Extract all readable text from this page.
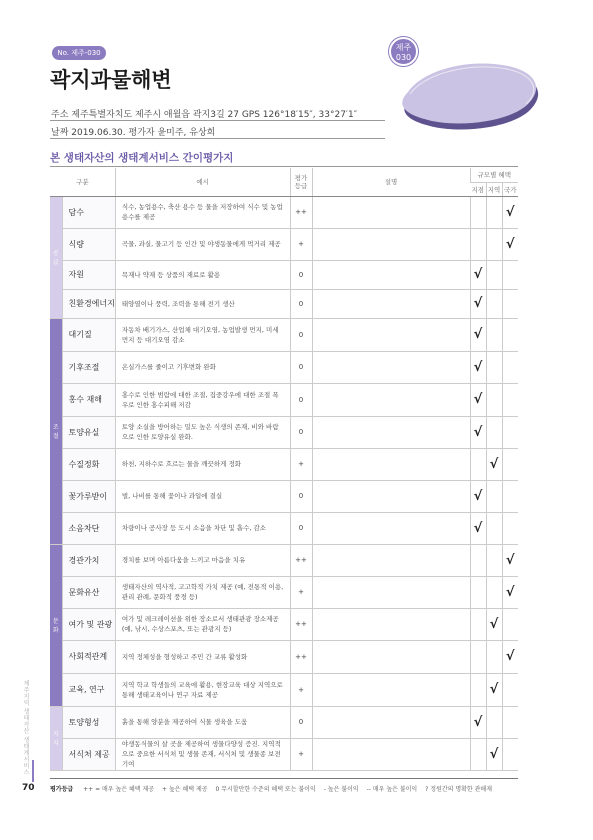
No. 제주-030
곽지과물해변
제주
030
주소 제주특별자치도 제주시 애월읍 곽지3길 27 GPS 126°18′15″, 33°27′1″
날짜 2019.06.30. 평가자 윤미주, 유상희
본 생태자산의 생태계서비스 간이평가지
구분		예시	평가
등급	설명	규모별 혜택		
					지점	지역	국가
공급	담수	식수, 농업용수, 축산 용수 등 물을 저장하여 식수 및 농업용수를 제공	++				√
	식량	곡물, 과실, 물고기 등 인간 및 야생동물에게 먹거리 제공	+				√
	자원	목재나 약재 등 상품의 재료로 활용	0		√		
	친환경에너지	태양열이나 풍력, 조력을 통해 전기 생산	0		√		
조절	대기질	자동차 배기가스, 산업체 대기오염, 농업발생 먼지, 미세먼지 등 대기오염 감소	0		√		
	기후조절	온실가스를 줄이고 기후변화 완화	0		√		
	홍수 재해	홍수로 인한 범람에 대한 조절, 집중강우에 대한 조절 폭우로 인한 홍수피해 저감	0		√		
	토양유실	토양 소실을 방어하는 밀도 높은 식생의 존재, 비와 바람으로 인한 토양유실 완화.	0		√		
	수질정화	하천, 지하수로 흐르는 물을 깨끗하게 정화	+			√	
	꽃가루받이	벌, 나비를 통해 꽃이나 과일에 결실	0		√		
	소음차단	차량이나 공사장 등 도시 소음을 차단 및 흡수, 감소	0		√		
문화	경관가치	경치를 보며 아름다움을 느끼고 마음을 치유	++				√
	문화유산	생태자산의 역사적, 고고학적 가치 제공 (예, 전통적 이용, 관리 관례, 문화적 풍경 등)	+				√
	여가 및 관광	여가 및 레크레이션을 위한 장소로서 생태관광 장소제공 (예, 낚시, 수상스포츠, 또는 관광지 등)	++			√	
	사회적관계	지역 정체성을 형성하고 주민 간 교류 활성화	++				√
	교육, 연구	지역 학교 학생들의 교육에 활용, 현장교육 대상 지역으로 통해 생태교육이나 연구 자료 제공	+			√	
지지	토양형성	흙을 통해 양분을 제공하여 식물 생육을 도움	0		√		
	서식처 제공	야생동식물의 살 곳을 제공하여 생물다양성 증진. 지역적으로 중요한 서식처 및 생물 존재, 서식처 및 생물종 보전 기여	+			√	
제주지역 생태자산 생태계서비스
70	평가등급 ++ = 매우 높은 혜택 제공 + 높은 혜택 제공 0 무시할만한 수준의 혜택 또는 불이익 - 높은 불이익 -- 매우 높은 불이익 ? 정원간의 명확한 관해재
